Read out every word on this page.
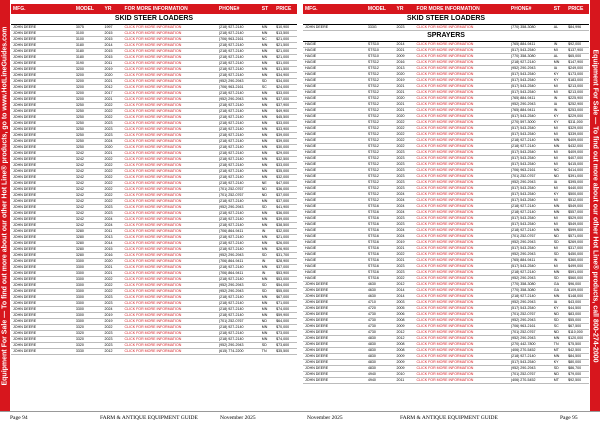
Equipment For Sale — To find out more about our other Hot Line® products, go to www.HotLineGuides.com	Equipment For Sale — To find out more about our other Hot Line® products, call 800-274-2000
MFG.	MODEL	YR	FOR MORE INFORMATION	PHONE#	ST	PRICE
SKID STEER LOADERS						
JOHN DEERE	3075	1997	CLICK FOR MORE INFORMATION	(218) 927-2140	MN	$10,900
JOHN DEERE	3100	2015	CLICK FOR MORE INFORMATION	(218) 927-2140	MN	$13,500
JOHN DEERE	3100	2015	CLICK FOR MORE INFORMATION	(706) 963-2161	NC	$21,000
JOHN DEERE	3180	2014	CLICK FOR MORE INFORMATION	(218) 927-2140	MN	$21,500
JOHN DEERE	3180	2015	CLICK FOR MORE INFORMATION	(218) 927-2140	MN	$21,000
JOHN DEERE	3180	2015	CLICK FOR MORE INFORMATION	(218) 927-2140	MN	$21,000
JOHN DEERE	3190	2011	CLICK FOR MORE INFORMATION	(218) 927-2140	MN	$31,000
JOHN DEERE	3200	2019	CLICK FOR MORE INFORMATION	(218) 927-2140	MN	$31,500
JOHN DEERE	3200	2020	CLICK FOR MORE INFORMATION	(218) 927-2140	MN	$34,900
JOHN DEERE	3200	2021	CLICK FOR MORE INFORMATION	(952) 290-2943	SD	$34,000
JOHN DEERE	3200	2012	CLICK FOR MORE INFORMATION	(706) 963-2161	SC	$24,000
JOHN DEERE	3200	2017	CLICK FOR MORE INFORMATION	(218) 927-2140	MN	$33,000
JOHN DEERE	3200	2021	CLICK FOR MORE INFORMATION	(952) 290-2943	MN	$37,000
JOHN DEERE	3250	2022	CLICK FOR MORE INFORMATION	(218) 927-2140	MN	$37,900
JOHN DEERE	3250	2022	CLICK FOR MORE INFORMATION	(218) 927-2140	MN	$49,900
JOHN DEERE	3250	2022	CLICK FOR MORE INFORMATION	(218) 927-2140	MN	$45,500
JOHN DEERE	3250	2023	CLICK FOR MORE INFORMATION	(218) 927-2140	MN	$33,000
JOHN DEERE	3250	2023	CLICK FOR MORE INFORMATION	(218) 927-2140	MN	$33,900
JOHN DEERE	3250	2023	CLICK FOR MORE INFORMATION	(218) 927-2140	MN	$39,000
JOHN DEERE	3250	2024	CLICK FOR MORE INFORMATION	(218) 927-2140	MN	$39,000
JOHN DEERE	3250	2020	CLICK FOR MORE INFORMATION	(218) 927-2140	MN	$30,000
JOHN DEERE	3242	2021	CLICK FOR MORE INFORMATION	(218) 927-2140	MN	$29,000
JOHN DEERE	3242	2022	CLICK FOR MORE INFORMATION	(218) 927-2140	MN	$32,500
JOHN DEERE	3242	2022	CLICK FOR MORE INFORMATION	(218) 927-2140	MN	$33,000
JOHN DEERE	3242	2022	CLICK FOR MORE INFORMATION	(218) 927-2140	MN	$35,000
JOHN DEERE	3242	2022	CLICK FOR MORE INFORMATION	(218) 927-2140	MN	$32,000
JOHN DEERE	3242	2022	CLICK FOR MORE INFORMATION	(218) 927-2140	NE	$47,000
JOHN DEERE	3242	2022	CLICK FOR MORE INFORMATION	(701) 252-0767	ND	$36,000
JOHN DEERE	3242	2022	CLICK FOR MORE INFORMATION	(701) 252-0767	ND	$37,000
JOHN DEERE	3242	2022	CLICK FOR MORE INFORMATION	(218) 927-2140	MN	$37,000
JOHN DEERE	3242	2023	CLICK FOR MORE INFORMATION	(952) 290-2943	SD	$41,900
JOHN DEERE	3242	2023	CLICK FOR MORE INFORMATION	(218) 927-2140	MN	$36,000
JOHN DEERE	3242	2024	CLICK FOR MORE INFORMATION	(218) 927-2140	MN	$39,000
JOHN DEERE	3242	2024	CLICK FOR MORE INFORMATION	(218) 927-2140	MN	$38,500
JOHN DEERE	3280	2011	CLICK FOR MORE INFORMATION	(706) 864-9411	IN	$32,000
JOHN DEERE	3280	2013	CLICK FOR MORE INFORMATION	(218) 927-2140	MN	$21,000
JOHN DEERE	3280	2014	CLICK FOR MORE INFORMATION	(218) 927-2140	MN	$26,000
JOHN DEERE	3280	2015	CLICK FOR MORE INFORMATION	(218) 927-2140	MN	$26,900
JOHN DEERE	3280	2016	CLICK FOR MORE INFORMATION	(952) 290-2943	SD	$31,700
JOHN DEERE	3300	2020	CLICK FOR MORE INFORMATION	(706) 864-9411	IN	$28,900
JOHN DEERE	3300	2021	CLICK FOR MORE INFORMATION	(218) 927-2140	MN	$37,000
JOHN DEERE	3300	2021	CLICK FOR MORE INFORMATION	(706) 864-9411	IN	$53,900
JOHN DEERE	3300	2022	CLICK FOR MORE INFORMATION	(218) 927-2140	MN	$53,000
JOHN DEERE	3300	2022	CLICK FOR MORE INFORMATION	(952) 290-2943	SD	$54,000
JOHN DEERE	3300	2022	CLICK FOR MORE INFORMATION	(952) 290-2943	SD	$55,000
JOHN DEERE	3300	2023	CLICK FOR MORE INFORMATION	(218) 927-2140	MN	$67,000
JOHN DEERE	3300	2023	CLICK FOR MORE INFORMATION	(218) 927-2140	MN	$71,000
JOHN DEERE	3300	2024	CLICK FOR MORE INFORMATION	(218) 927-2140	MN	$74,000
JOHN DEERE	3300	2019	CLICK FOR MORE INFORMATION	(218) 927-2140	MN	$59,900
JOHN DEERE	3300	2019	CLICK FOR MORE INFORMATION	(701) 252-0767	ND	$64,000
JOHN DEERE	3320	2022	CLICK FOR MORE INFORMATION	(218) 927-2140	MN	$70,000
JOHN DEERE	3320	2023	CLICK FOR MORE INFORMATION	(218) 927-2140	MN	$73,000
JOHN DEERE	3320	2023	CLICK FOR MORE INFORMATION	(218) 927-2140	MN	$74,000
JOHN DEERE	3320	2023	CLICK FOR MORE INFORMATION	(952) 290-2943	SD	$73,600
JOHN DEERE	3330	2012	CLICK FOR MORE INFORMATION	(615) 774-2200	TN	$35,500
MFG.	MODEL	YR	FOR MORE INFORMATION	PHONE#	ST	PRICE
SKID STEER LOADERS						
JOHN DEERE	333G	2023	CLICK FOR MORE INFORMATION	(770) 358-3080	AL	$84,996
SPRAYERS						
HAGIE	STS10	2014	CLICK FOR MORE INFORMATION	(765) 884-9411	IN	$92,000
HAGIE	STS10	2021	CLICK FOR MORE INFORMATION	(517) 543-2540	MI	$137,900
HAGIE	STS10	2009	CLICK FOR MORE INFORMATION	(770) 358-3080	AL	$65,000
HAGIE	STS12	2016	CLICK FOR MORE INFORMATION	(218) 927-2140	MN	$147,900
HAGIE	STS12	2013	CLICK FOR MORE INFORMATION	(952) 290-2943	IA	$249,000
HAGIE	STS12	2020	CLICK FOR MORE INFORMATION	(517) 543-2540	KY	$173,000
HAGIE	STS12	2019	CLICK FOR MORE INFORMATION	(517) 543-2540	KY	$183,000
HAGIE	STS12	2021	CLICK FOR MORE INFORMATION	(517) 543-2540	MI	$213,000
HAGIE	STS12	2021	CLICK FOR MORE INFORMATION	(517) 543-2540	MI	$213,000
HAGIE	STS12	2020	CLICK FOR MORE INFORMATION	(765) 884-9411	IN	$225,900
HAGIE	STS12	2021	CLICK FOR MORE INFORMATION	(952) 290-2943	IA	$252,900
HAGIE	STS12	2021	CLICK FOR MORE INFORMATION	(765) 884-9411	IN	$253,000
HAGIE	STS12	2020	CLICK FOR MORE INFORMATION	(517) 543-2540	KY	$229,000
HAGIE	STS12	2022	CLICK FOR MORE INFORMATION	(270) 597-3000	KY	$311,000
HAGIE	STS12	2022	CLICK FOR MORE INFORMATION	(517) 543-2540	MI	$329,000
HAGIE	STS12	2022	CLICK FOR MORE INFORMATION	(517) 543-2540	MI	$339,000
HAGIE	STS12	2022	CLICK FOR MORE INFORMATION	(218) 927-2140	MN	$409,000
HAGIE	STS12	2022	CLICK FOR MORE INFORMATION	(218) 927-2140	MN	$432,000
HAGIE	STS12	2023	CLICK FOR MORE INFORMATION	(517) 543-2540	MI	$409,000
HAGIE	STS12	2023	CLICK FOR MORE INFORMATION	(517) 543-2540	MI	$407,000
HAGIE	STS12	2023	CLICK FOR MORE INFORMATION	(517) 543-2540	MI	$415,000
HAGIE	STS12	2023	CLICK FOR MORE INFORMATION	(706) 963-2161	NC	$414,000
HAGIE	STS12	2023	CLICK FOR MORE INFORMATION	(701) 252-0767	ND	$391,000
HAGIE	STS12	2023	CLICK FOR MORE INFORMATION	(952) 290-2943	IA	$395,000
HAGIE	STS12	2023	CLICK FOR MORE INFORMATION	(517) 543-2540	MI	$440,000
HAGIE	STS12	2024	CLICK FOR MORE INFORMATION	(517) 543-2540	KY	$500,000
HAGIE	STS12	2024	CLICK FOR MORE INFORMATION	(517) 543-2540	MI	$512,000
HAGIE	STS16	2024	CLICK FOR MORE INFORMATION	(218) 927-2140	MN	$549,000
HAGIE	STS16	2024	CLICK FOR MORE INFORMATION	(218) 927-2140	MN	$557,000
HAGIE	STS16	2023	CLICK FOR MORE INFORMATION	(517) 543-2540	MI	$529,000
HAGIE	STS16	2023	CLICK FOR MORE INFORMATION	(517) 543-2540	MI	$549,000
HAGIE	STS16	2024	CLICK FOR MORE INFORMATION	(218) 927-2140	MN	$599,000
HAGIE	STS16	2024	CLICK FOR MORE INFORMATION	(701) 252-0767	ND	$571,000
HAGIE	STS16	2019	CLICK FOR MORE INFORMATION	(952) 290-2943	SD	$269,000
HAGIE	STS16	2021	CLICK FOR MORE INFORMATION	(517) 543-2540	MI	$317,000
HAGIE	STS16	2022	CLICK FOR MORE INFORMATION	(952) 290-2943	SD	$450,000
HAGIE	STS16	2021	CLICK FOR MORE INFORMATION	(765) 884-9411	IN	$360,000
HAGIE	STS16	2023	CLICK FOR MORE INFORMATION	(517) 543-2540	MI	$499,000
HAGIE	STS16	2023	CLICK FOR MORE INFORMATION	(218) 927-2140	MN	$591,000
HAGIE	STS16	2022	CLICK FOR MORE INFORMATION	(952) 290-2943	SD	$560,000
JOHN DEERE	4630	2012	CLICK FOR MORE INFORMATION	(770) 358-3080	GA	$96,000
JOHN DEERE	4630	2014	CLICK FOR MORE INFORMATION	(770) 358-3080	GA	$109,000
JOHN DEERE	4630	2014	CLICK FOR MORE INFORMATION	(218) 927-2140	MN	$148,000
JOHN DEERE	4710	2003	CLICK FOR MORE INFORMATION	(952) 290-2943	IA	$43,000
JOHN DEERE	4720	2005	CLICK FOR MORE INFORMATION	(517) 543-2540	KY	$44,500
JOHN DEERE	4730	2006	CLICK FOR MORE INFORMATION	(701) 252-0767	ND	$83,000
JOHN DEERE	4730	2008	CLICK FOR MORE INFORMATION	(952) 290-2943	SD	$55,000
JOHN DEERE	4730	2009	CLICK FOR MORE INFORMATION	(706) 963-2161	SC	$67,500
JOHN DEERE	4730	2012	CLICK FOR MORE INFORMATION	(701) 252-0767	ND	$110,000
JOHN DEERE	4830	2012	CLICK FOR MORE INFORMATION	(952) 290-2943	MN	$120,000
JOHN DEERE	4830	2008	CLICK FOR MORE INFORMATION	(270) 442-7800	TN	$75,500
JOHN DEERE	4830	2008	CLICK FOR MORE INFORMATION	(406) 270-5452	MT	$42,500
JOHN DEERE	4830	2009	CLICK FOR MORE INFORMATION	(218) 927-2140	MN	$84,500
JOHN DEERE	4830	2009	CLICK FOR MORE INFORMATION	(517) 543-2540	KY	$80,000
JOHN DEERE	4830	2009	CLICK FOR MORE INFORMATION	(952) 290-2943	SD	$86,700
JOHN DEERE	4940	2010	CLICK FOR MORE INFORMATION	(701) 252-0767	ND	$79,000
JOHN DEERE	4940	2011	CLICK FOR MORE INFORMATION	(406) 270-5452	MT	$92,500
Page 94	FARM & ANTIQUE EQUIPMENT GUIDE	November 2025	November 2025	FARM & ANTIQUE EQUIPMENT GUIDE	Page 95
